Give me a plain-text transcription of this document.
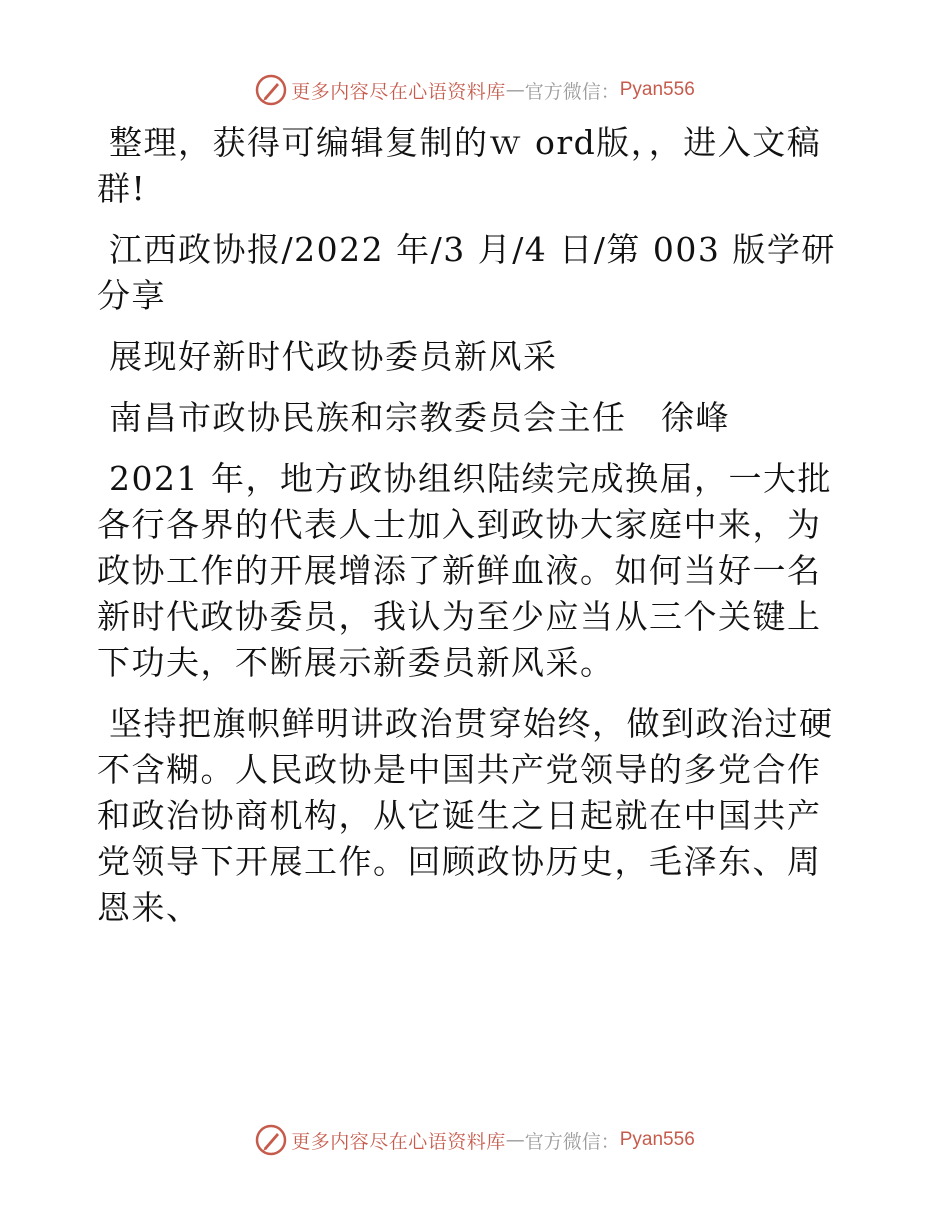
更多内容尽在心语资料库 — 官方微信： Pyan556

整理，获得可编辑复制的ｗ ord版，，进入文稿群!

江西政协报/2022 年/3 月/4 日/第 003 版学研分享

展现好新时代政协委员新风采

南昌市政协民族和宗教委员会主任　徐峰

2021 年，地方政协组织陆续完成换届，一大批各行各界的代表人士加入到政协大家庭中来，为政协工作的开展增添了新鲜血液。如何当好一名新时代政协委员，我认为至少应当从三个关键上下功夫，不断展示新委员新风采。

坚持把旗帜鲜明讲政治贯穿始终，做到政治过硬不含糊。人民政协是中国共产党领导的多党合作和政治协商机构，从它诞生之日起就在中国共产党领导下开展工作。回顾政协历史，毛泽东、周恩来、

更多内容尽在心语资料库 — 官方微信： Pyan556
